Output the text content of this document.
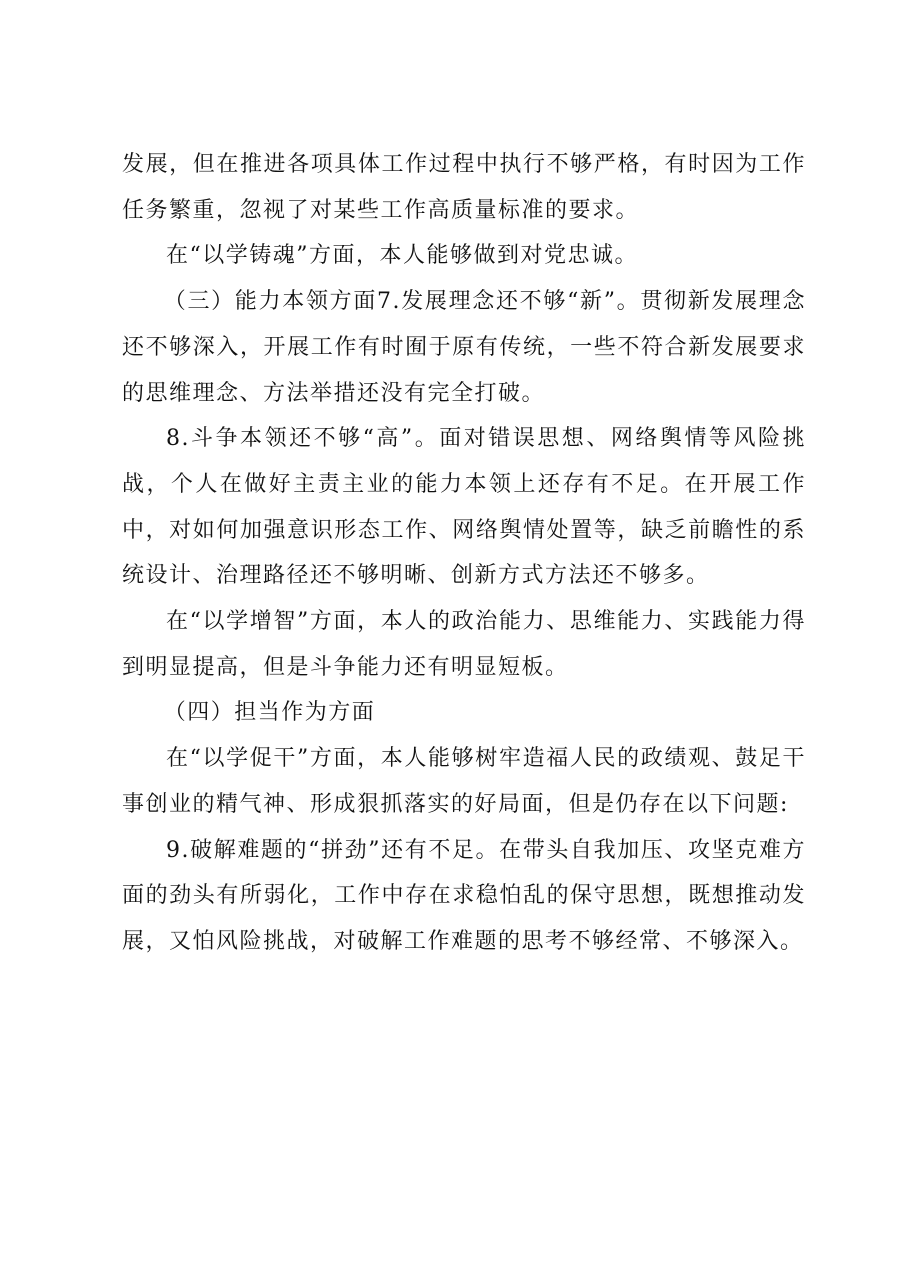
发展，但在推进各项具体工作过程中执行不够严格，有时因为工作任务繁重，忽视了对某些工作高质量标准的要求。

在“以学铸魂”方面，本人能够做到对党忠诚。

（三）能力本领方面7.发展理念还不够“新”。贯彻新发展理念还不够深入，开展工作有时囿于原有传统，一些不符合新发展要求的思维理念、方法举措还没有完全打破。

8.斗争本领还不够“高”。面对错误思想、网络舆情等风险挑战，个人在做好主责主业的能力本领上还存有不足。在开展工作中，对如何加强意识形态工作、网络舆情处置等，缺乏前瞻性的系统设计、治理路径还不够明晰、创新方式方法还不够多。

在“以学增智”方面，本人的政治能力、思维能力、实践能力得到明显提高，但是斗争能力还有明显短板。

（四）担当作为方面

在“以学促干”方面，本人能够树牢造福人民的政绩观、鼓足干事创业的精气神、形成狠抓落实的好局面，但是仍存在以下问题:

9.破解难题的“拼劲”还有不足。在带头自我加压、攻坚克难方面的劲头有所弱化，工作中存在求稳怕乱的保守思想，既想推动发展，又怕风险挑战，对破解工作难题的思考不够经常、不够深入。
